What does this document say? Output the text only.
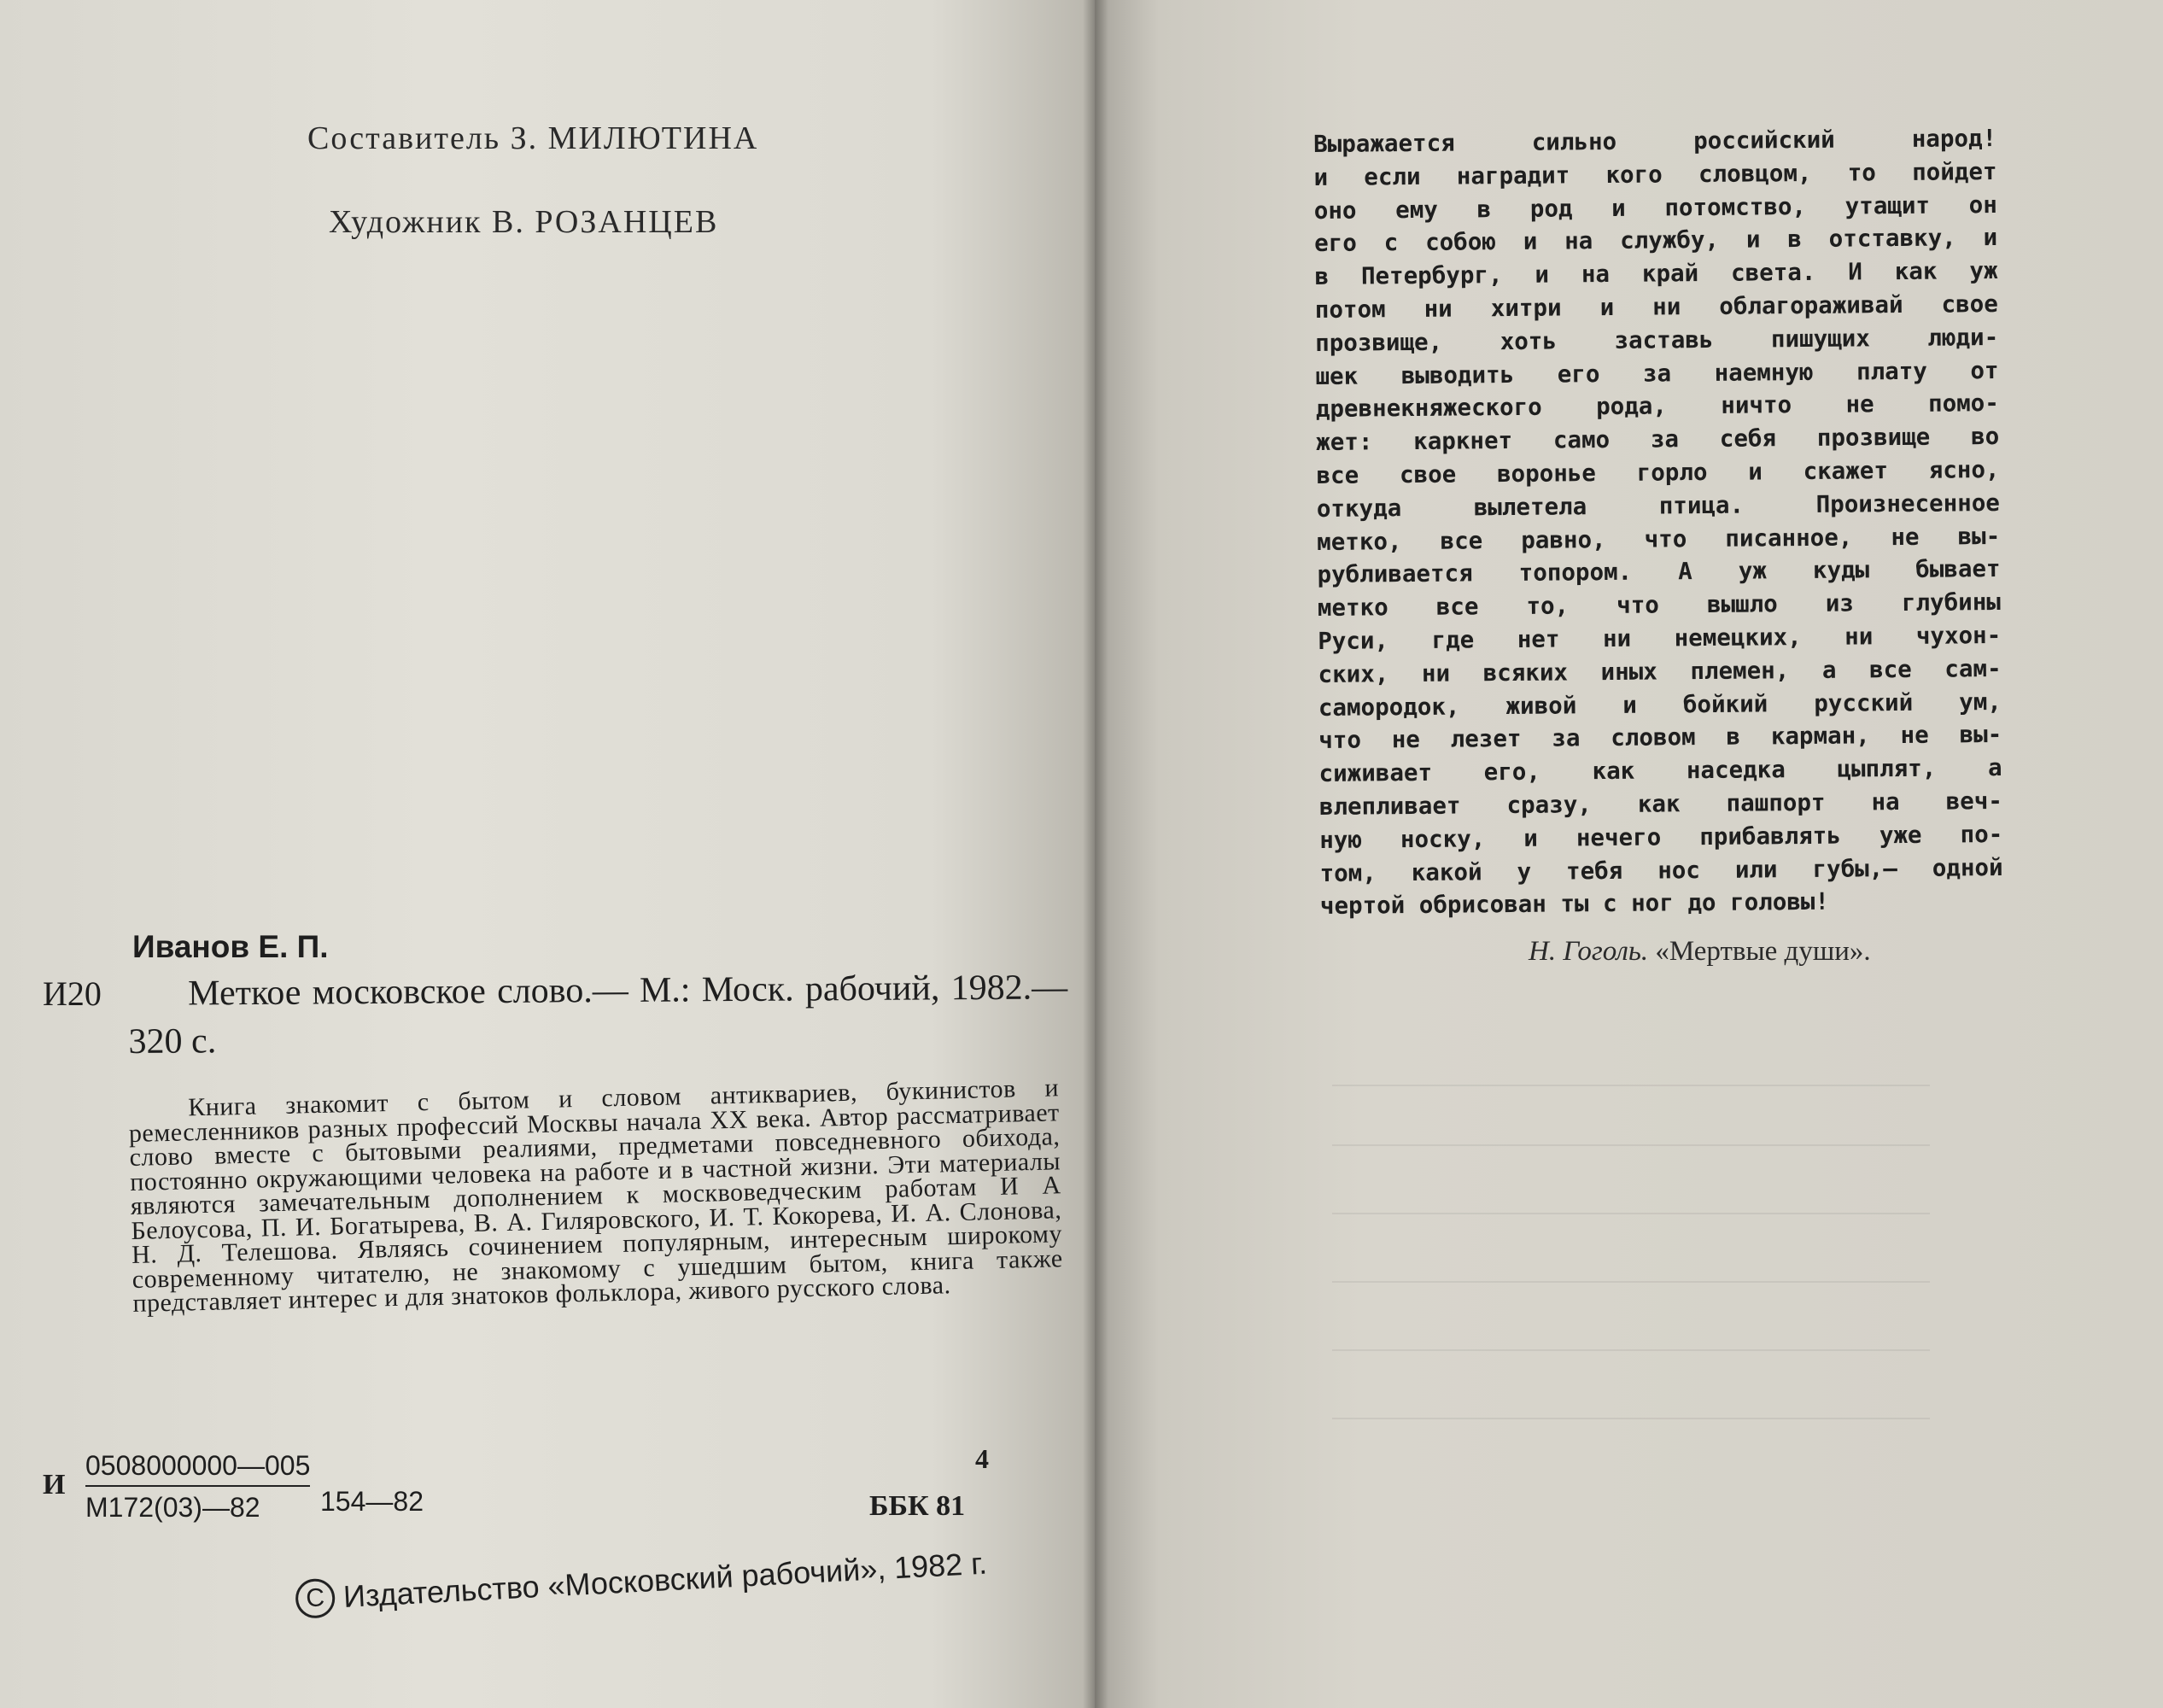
Составитель З. МИЛЮТИНА
Художник В. РОЗАНЦЕВ
Иванов Е. П.
И20	Меткое московское слово.— М.: Моск. рабочий, 1982.— 320 с.

Книга знакомит с бытом и словом антиквариев, букинистов и ремесленников разных профессий Москвы начала XX века. Автор рассматривает слово вместе с бытовыми реалиями, предметами повседневного обихода, постоянно окружающими человека на работе и в частной жизни. Эти материалы являются замечательным дополнением к москвоведческим работам И А Белоусова, П. И. Богатырева, В. А. Гиляровского, И. Т. Кокорева, И. А. Слонова, Н. Д. Телешова. Являясь сочинением популярным, интересным широкому современному читателю, не знакомому с ушедшим бытом, книга также представляет интерес и для знатоков фольклора, живого русского слова.

И
0508000000—005
М172(03)—82	154—82
4
ББК 81
C Издательство «Московский рабочий», 1982 г.
Выражается сильно российский народ!
и если наградит кого словцом, то пойдет
оно ему в род и потомство, утащит он
его с собою и на службу, и в отставку, и
в Петербург, и на край света. И как уж
потом ни хитри и ни облагораживай свое
прозвище, хоть заставь пишущих люди-
шек выводить его за наемную плату от
древнекняжеского рода, ничто не помо-
жет: каркнет само за себя прозвище во
все свое воронье горло и скажет ясно,
откуда вылетела птица. Произнесенное
метко, все равно, что писанное, не вы-
рубливается топором. А уж куды бывает
метко все то, что вышло из глубины
Руси, где нет ни немецких, ни чухон-
ских, ни всяких иных племен, а все сам-
самородок, живой и бойкий русский ум,
что не лезет за словом в карман, не вы-
сиживает его, как наседка цыплят, а
влепливает сразу, как пашпорт на веч-
ную носку, и нечего прибавлять уже по-
том, какой у тебя нос или губы,— одной
чертой обрисован ты с ног до головы!
Н. Гоголь. «Мертвые души».
